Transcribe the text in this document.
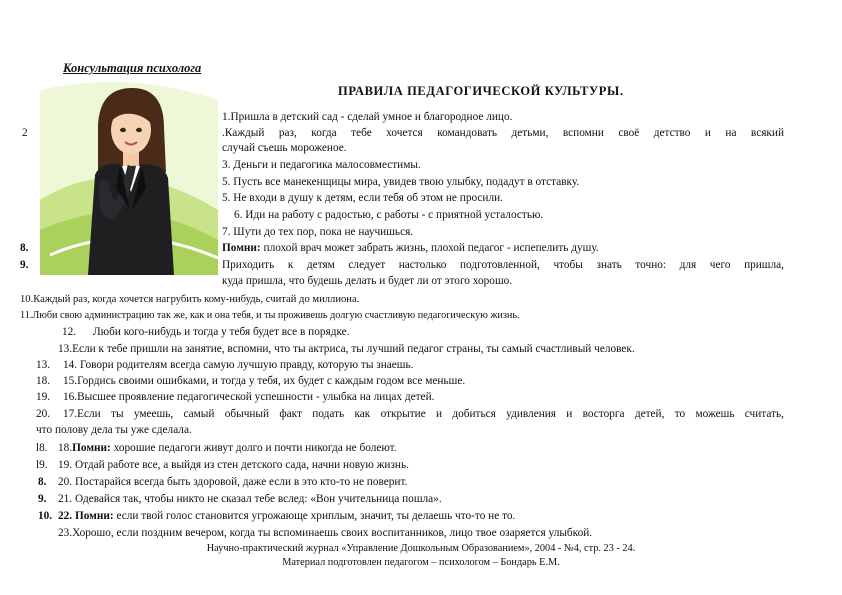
Консультация психолога
ПРАВИЛА ПЕДАГОГИЧЕСКОЙ КУЛЬТУРЫ.
1.Пришла в детский сад - сделай умное и благородное лицо.
2	.Каждый раз, когда тебе хочется командовать детьми, вспомни своё детство и на всякий
случай съешь мороженое.
3. Деньги и педагогика малосовместимы.
5. Пусть все манекенщицы мира, увидев твою улыбку, подадут в отставку.
5. Не входи в душу к детям, если тебя об этом не просили.
6. Иди на работу с радостью, с работы - с приятной усталостью.
7. Шути до тех пор, пока не научишься.
8.	Помни: плохой врач может забрать жизнь, плохой педагог - испепелить душу.
9.	Приходить к детям следует настолько подготовленной, чтобы знать точно: для чего пришла,
куда пришла, что будешь делать и будет ли от этого хорошо.
10.Каждый раз, когда хочется нагрубить кому-нибудь, считай до миллиона.
11.Люби свою администрацию так же, как и она тебя, и ты проживешь долгую счастливую педагогическую жизнь.
12. Люби кого-нибудь и тогда у тебя будет все в порядке.
13.Если к тебе пришли на занятие, вспомни, что ты актриса, ты лучший педагог страны, ты самый счастливый человек.
13. 14. Говори родителям всегда самую лучшую правду, которую ты знаешь.
18. 15.Гордись своими ошибками, и тогда у тебя, их будет с каждым годом все меньше.
19. 16.Высшее проявление педагогической успешности - улыбка на лицах детей.
20. 17.Если ты умеешь, самый обычный факт подать как открытие и добиться удивления и восторга детей, то можешь считать,
что полову дела ты уже сделала.
l8. 18.Помни: хорошие педагоги живут долго и почти никогда не болеют.
l9. 19. Отдай работе все, а выйдя из стен детского сада, начни новую жизнь.
8. 20. Постарайся всегда быть здоровой, даже если в это кто-то не поверит.
9. 21. Одевайся так, чтобы никто не сказал тебе вслед: «Вон учительница пошла».
10. 22. Помни: если твой голос становится угрожающе хриплым, значит, ты делаешь что-то не то.
23.Хорошо, если поздним вечером, когда ты вспоминаешь своих воспитанников, лицо твое озаряется улыбкой.
Научно-практический журнал «Управление Дошкольным Образованием», 2004 - №4, стр. 23 - 24.
Материал подготовлен педагогом – психологом – Бондарь Е.М.
